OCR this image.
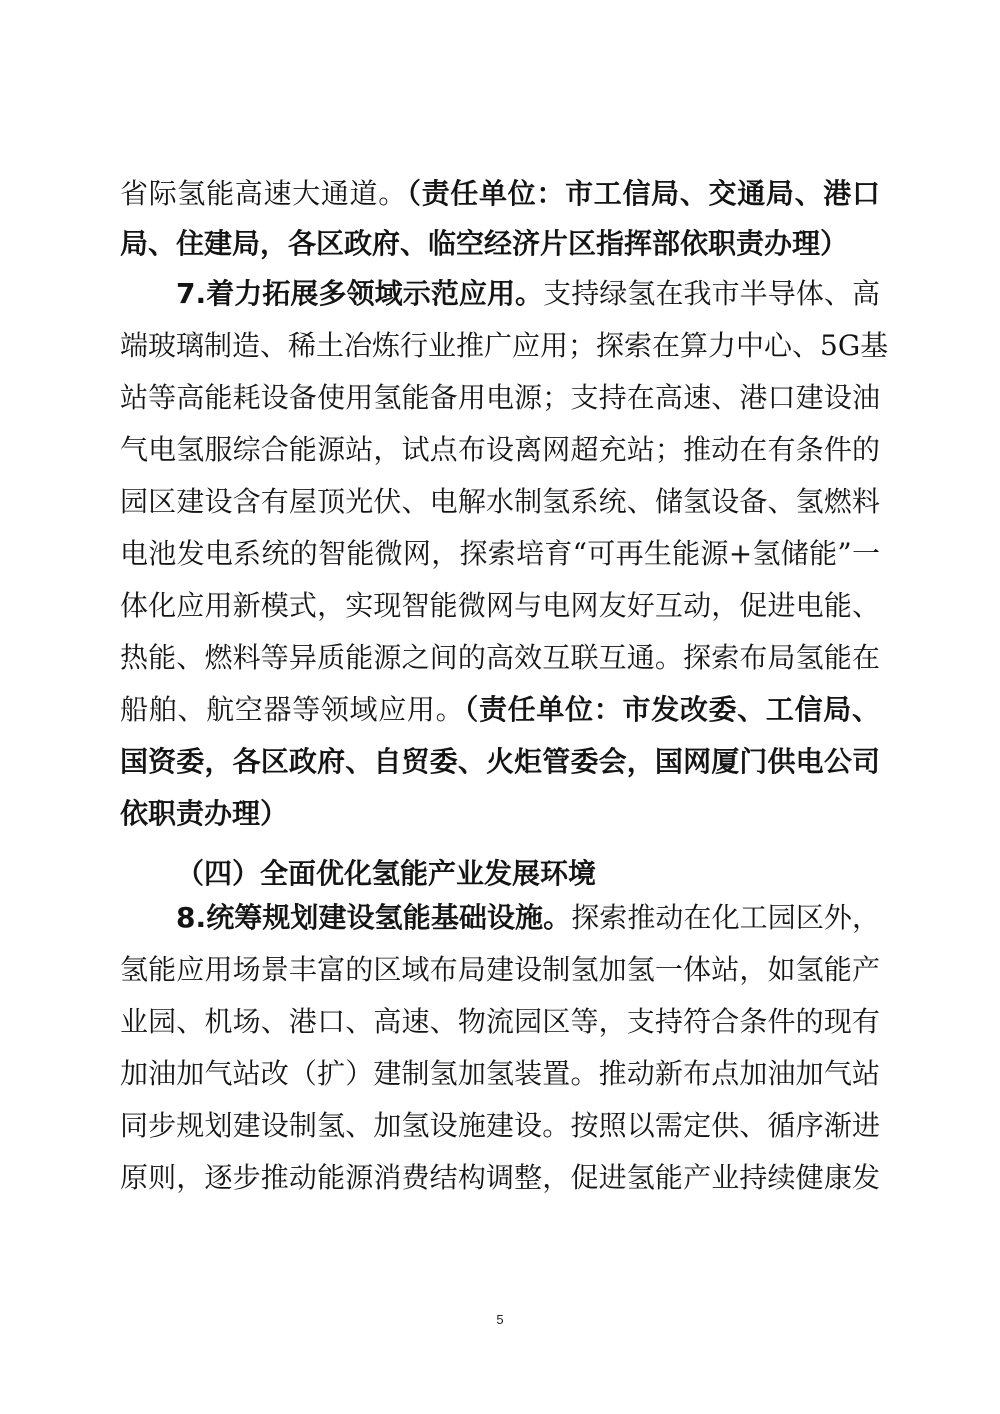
省际氢能高速大通道。（责任单位：市工信局、交通局、港口
局、住建局，各区政府、临空经济片区指挥部依职责办理）
7.着力拓展多领域示范应用。支持绿氢在我市半导体、高
端玻璃制造、稀土冶炼行业推广应用；探索在算力中心、5G基
站等高能耗设备使用氢能备用电源；支持在高速、港口建设油
气电氢服综合能源站，试点布设离网超充站；推动在有条件的
园区建设含有屋顶光伏、电解水制氢系统、储氢设备、氢燃料
电池发电系统的智能微网，探索培育“可再生能源+氢储能”一
体化应用新模式，实现智能微网与电网友好互动，促进电能、
热能、燃料等异质能源之间的高效互联互通。探索布局氢能在
船舶、航空器等领域应用。（责任单位：市发改委、工信局、
国资委，各区政府、自贸委、火炬管委会，国网厦门供电公司
依职责办理）
（四）全面优化氢能产业发展环境
8.统筹规划建设氢能基础设施。探索推动在化工园区外，
氢能应用场景丰富的区域布局建设制氢加氢一体站，如氢能产
业园、机场、港口、高速、物流园区等，支持符合条件的现有
加油加气站改（扩）建制氢加氢装置。推动新布点加油加气站
同步规划建设制氢、加氢设施建设。按照以需定供、循序渐进
原则，逐步推动能源消费结构调整，促进氢能产业持续健康发
5
